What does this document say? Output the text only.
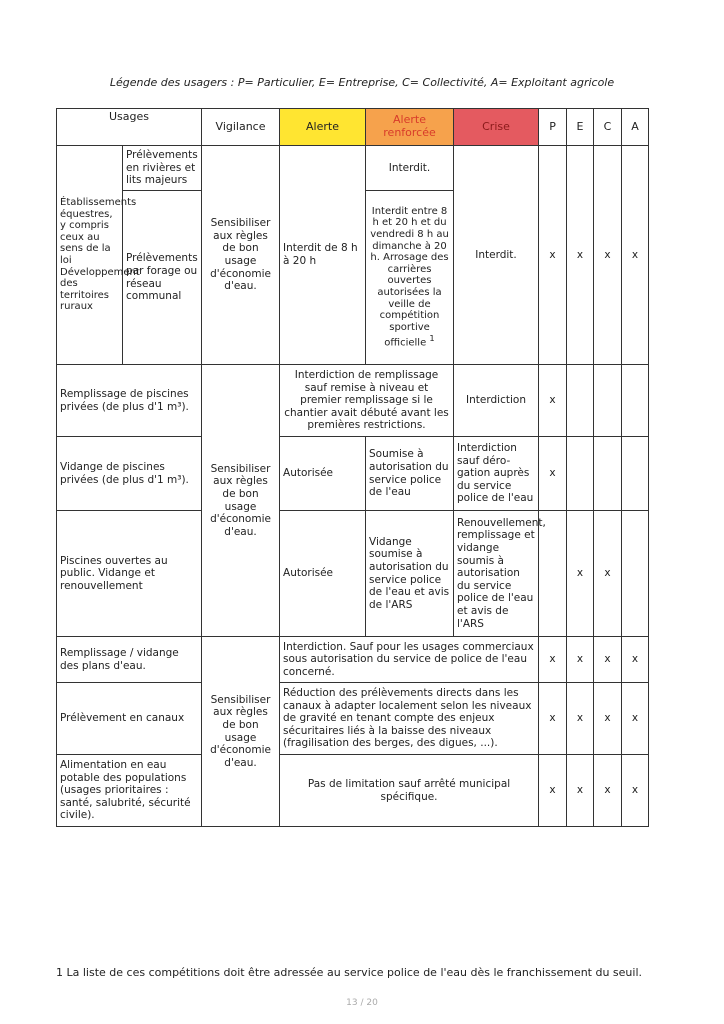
Légende des usagers : P= Particulier, E= Entreprise, C= Collectivité, A= Exploitant agricole
Usages		Vigilance	Alerte	Alerte renforcée	Crise	P	E	C	A
Établissements équestres, y compris ceux au sens de la loi Développement des territoires ruraux	Prélèvements en rivières et lits majeurs	Sensibiliser aux règles de bon usage d'économie d'eau.	Interdit de 8 h à 20 h	Interdit.	Interdit.	x	x	x	x
	Prélèvements par forage ou réseau communal			Interdit entre 8 h et 20 h et du vendredi 8 h au dimanche à 20 h. Arrosage des carrières ouvertes autorisées la veille de compétition sportive officielle $^1$
Remplissage de piscines privées (de plus d'1 m³).		Sensibiliser aux règles de bon usage d'économie d'eau.	Interdiction de remplissage sauf remise à niveau et premier remplissage si le chantier avait débuté avant les premières restrictions.		Interdiction	x			
Vidange de piscines privées (de plus d'1 m³).			Autorisée	Soumise à autorisation du service police de l'eau	Interdiction sauf déro-gation auprès du service police de l'eau	x			
Piscines ouvertes au public. Vidange et renouvellement			Autorisée	Vidange soumise à autorisation du service police de l'eau et avis de l'ARS	Renouvellement, remplissage et vidange soumis à autorisation du service police de l'eau et avis de l'ARS		x	x	
Remplissage / vidange des plans d'eau.		Sensibiliser aux règles de bon usage d'économie d'eau.	Interdiction. Sauf pour les usages commerciaux sous autorisation du service de police de l'eau concerné.			x	x	x	x
Prélèvement en canaux			Réduction des prélèvements directs dans les canaux à adapter localement selon les niveaux de gravité en tenant compte des enjeux sécuritaires liés à la baisse des niveaux (fragilisation des berges, des digues, ...).			x	x	x	x
Alimentation en eau potable des populations (usages prioritaires : santé, salubrité, sécurité civile).			Pas de limitation sauf arrêté municipal spécifique.			x	x	x	x
1 La liste de ces compétitions doit être adressée au service police de l'eau dès le franchissement du seuil.
13 / 20
